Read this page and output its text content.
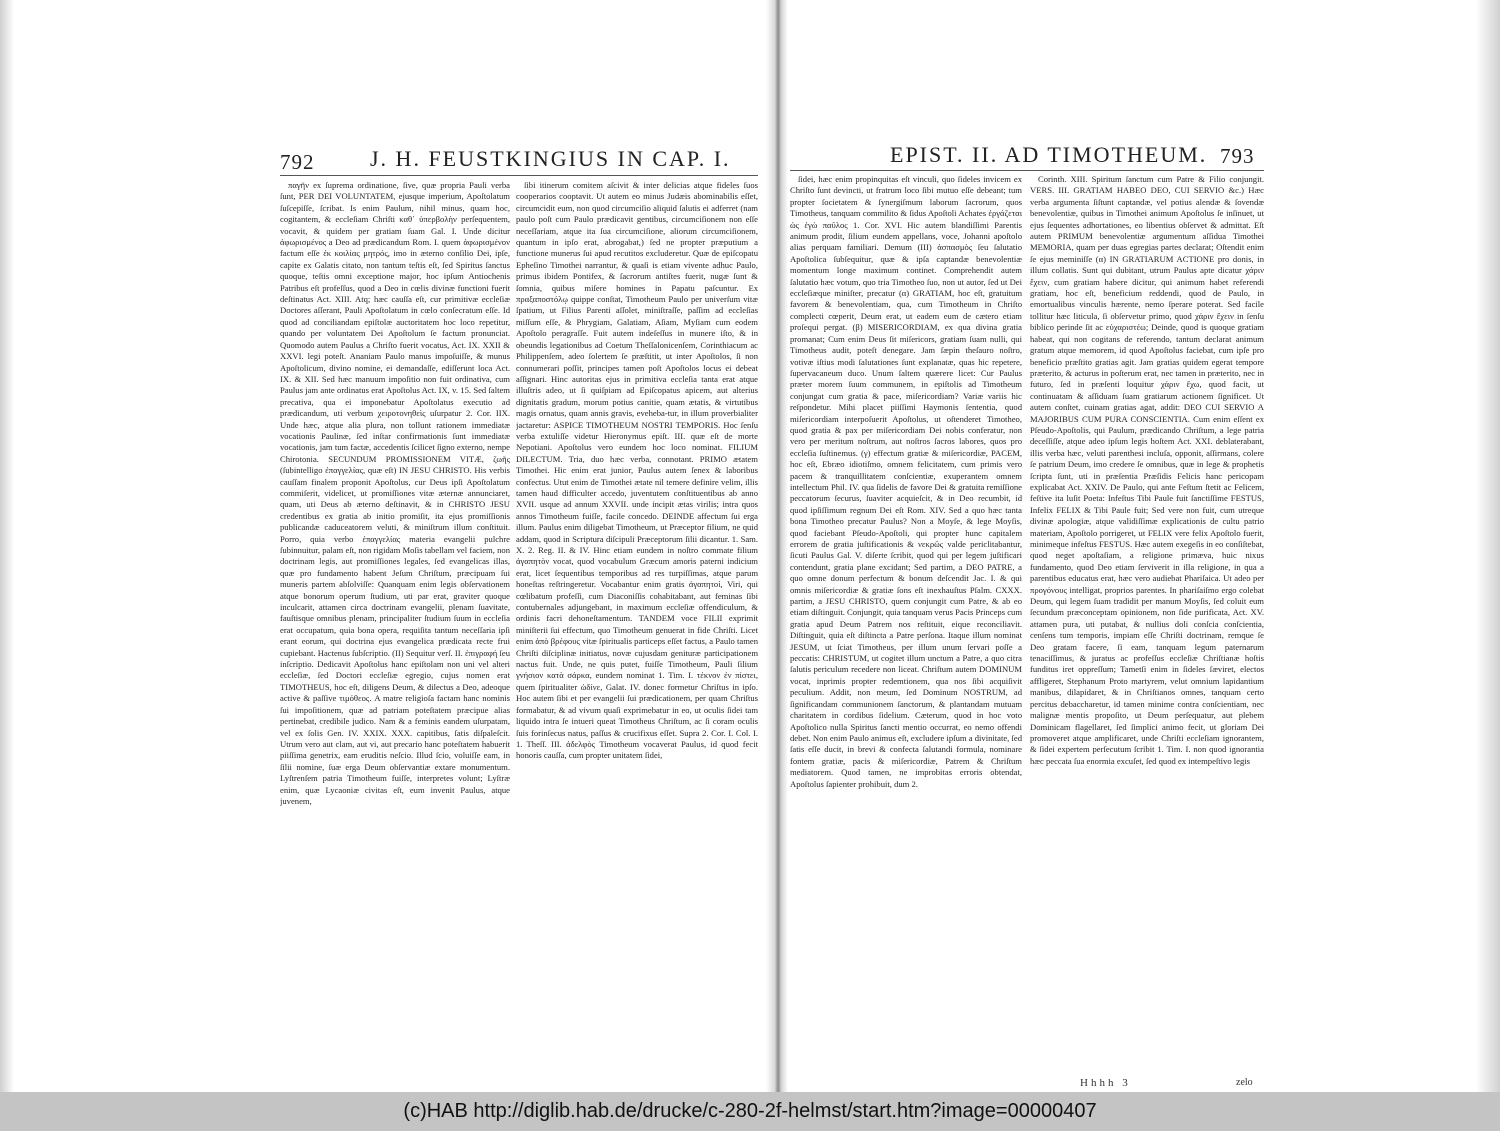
792	J. H. FEUSTKINGIUS IN CAP. I.

παγῆν ex ſuprema ordinatione, ſive, quæ propria Pauli verba ſunt, PER DEI VOLUNTATEM, ejusque imperium, Apoſtolatum ſuſcepiſſe, ſcribat. Is enim Paulum, nihil minus, quam hoc, cogitantem, & eccleſiam Chriſti καθ᾽ ὑπερβολὴν perſequentem, vocavit, & quidem per gratiam ſuam Gal. I. Unde dicitur ἀφωρισμένος a Deo ad prædicandum Rom. I. quem ἀφωρισμένον factum eſſe ἐκ κοιλίας μητρός, imo in æterno conſilio Dei, ipſe, capite ex Galatis citato, non tantum teſtis eſt, ſed Spiritus ſanctus quoque, teſtis omni exceptione major, hoc ipſum Antiochenis Patribus eſt profeſſus, quod a Deo in cœlis divinæ functioni fuerit deſtinatus Act. XIII. Atq; hæc cauſſa eſt, cur primitivæ eccleſiæ Doctores aſſerant, Pauli Apoſtolatum in cœlo conſecratum eſſe. Id quod ad conciliandam epiſtolæ auctoritatem hoc loco repetitur, quando per voluntatem Dei Apoſtolum ſe factum pronunciat. Quomodo autem Paulus a Chriſto fuerit vocatus, Act. IX. XXII & XXVI. legi poteſt. Ananiam Paulo manus impoſuiſſe, & munus Apoſtolicum, divino nomine, ei demandaſſe, ediſſerunt loca Act. IX. & XII. Sed hæc manuum impoſitio non fuit ordinativa, cum Paulus jam ante ordinatus erat Apoſtolus Act. IX, v. 15. Sed ſaltem precativa, qua ei imponebatur Apoſtolatus executio ad prædicandum, uti verbum χειροτονηθεὶς uſurpatur 2. Cor. IIX. Unde hæc, atque alia plura, non tollunt rationem immediatæ vocationis Paulinæ, ſed inſtar confirmationis ſunt immediatæ vocationis, jam tum factæ, accedentis ſcilicet ſigno externo, nempe Chirotonia. SECUNDUM PROMISSIONEM VITÆ, ζωῆς (ſubintelligo ἐπαγγελίας, quæ eſt) IN JESU CHRISTO. His verbis cauſſam finalem proponit Apoſtolus, cur Deus ipſi Apoſtolatum commiſerit, videlicet, ut promiſſiones vitæ æternæ annunciaret, quam, uti Deus ab æterno deſtinavit, & in CHRISTO JESU credentibus ex gratia ab initio promiſit, ita ejus promiſſionis publicandæ caduceatorem veluti, & miniſtrum illum conſtituit. Porro, quia verbo ἐπαγγελίας materia evangelii pulchre ſubinnuitur, palam eſt, non rigidam Moſis tabellam vel faciem, non doctrinam legis, aut promiſſiones legales, ſed evangelicas illas, quæ pro fundamento habent Jeſum Chriſtum, præcipuam ſui muneris partem abſolviſſe: Quanquam enim legis obſervationem atque bonorum operum ſtudium, uti par erat, graviter quoque inculcarit, attamen circa doctrinam evangelii, plenam ſuavitate, fauſtisque omnibus plenam, principaliter ſtudium ſuum in eccleſia erat occupatum, quia bona opera, requiſita tantum neceſſaria ipſi erant eorum, qui doctrina ejus evangelica prædicata recte frui cupiebant. Hactenus ſubſcriptio. (II) Sequitur verſ. II. ἐπιγραφή ſeu inſcriptio. Dedicavit Apoſtolus hanc epiſtolam non uni vel alteri eccleſiæ, ſed Doctori eccleſiæ egregio, cujus nomen erat TIMOTHEUS, hoc eſt, diligens Deum, & dilectus a Deo, adeoque active & paſſive τιμόθεος. A matre religioſa factam hanc nominis ſui impoſitionem, quæ ad patriam poteſtatem præcipue alias pertinebat, credibile judico. Nam & a feminis eandem uſurpatam, vel ex ſolis Gen. IV. XXIX. XXX. capitibus, ſatis diſpaleſcit. Utrum vero aut clam, aut vi, aut precario hanc poteſtatem habuerit piiſſima genetrix, eam eruditis neſcio. Illud ſcio, voluiſſe eam, in ſilii nomine, ſuæ erga Deum obſervantiæ extare monumentum. Lyſtrenſem patria Timotheum fuiſſe, interpretes volunt; Lyſtræ enim, quæ Lycaoniæ civitas eſt, eum invenit Paulus, atque juvenem,

ſibi itinerum comitem aſcivit & inter delicias atque fideles ſuos cooperarios cooptavit. Ut autem eo minus Judæis abominabilis eſſet, circumcidit eum, non quod circumciſio aliquid ſalutis ei adferret (nam paulo poſt cum Paulo prædicavit gentibus, circumciſionem non eſſe neceſſariam, atque ita ſua circumciſione, aliorum circumciſionem, quantum in ipſo erat, abrogabat,) ſed ne propter præputium a functione munerus ſui apud recutitos excluderetur. Quæ de epiſcopatu Epheſino Timothei narrantur, & quaſi is etiam vivente adhuc Paulo, primus ibidem Pontifex, & ſacrorum antiſtes fuerit, nugæ ſunt & ſomnia, quibus miſere homines in Papatu paſcuntur. Ex πραξαποστόλῳ quippe conſtat, Timotheum Paulo per univerſum vitæ ſpatium, ut Filius Parenti aſſolet, miniſtraſſe, paſſim ad eccleſias miſſum eſſe, & Phrygiam, Galatiam, Aſiam, Myſiam cum eodem Apoſtolo peragraſſe. Fuit autem indeſeſſus in munere iſto, & in obeundis legationibus ad Coetum Theſſalonicenſem, Corinthiacum ac Philippenſem, adeo ſolertem ſe præſtitit, ut inter Apoſtolos, ſi non connumerari poſſit, principes tamen poſt Apoſtolos locus ei debeat aſſignari. Hinc autoritas ejus in primitiva eccleſia tanta erat atque illuſtris adeo, ut ſi quiſpiam ad Epiſcopatus apicem, aut alterius dignitatis gradum, morum potius canitie, quam ætatis, & virtutibus magis ornatus, quam annis gravis, eveheba-tur, in illum proverbialiter jactaretur: ASPICE TIMOTHEUM NOSTRI TEMPORIS. Hoc ſenſu verba extuliſſe videtur Hieronymus epiſt. III. quæ eſt de morte Nepotiani. Apoſtolus vero eundem hoc loco nominat. FILIUM DILECTUM. Tria, duo hæc verba, connotant. PRIMO ætatem Timothei. Hic enim erat junior, Paulus autem ſenex & laboribus confectus. Utut enim de Timothei ætate nil temere definire velim, illis tamen haud difficulter accedo, juventutem conſtituentibus ab anno XVII. usque ad annum XXVII. unde incipit ætas virilis; intra quos annos Timotheum fuiſſe, facile concedo. DEINDE affectum ſui erga illum. Paulus enim diligebat Timotheum, ut Præceptor filium, ne quid addam, quod in Scriptura diſcipuli Præceptorum ſilii dicantur. 1. Sam. X. 2. Reg. II. & IV. Hinc etiam eundem in noſtro commate filium ἀγαπητὸν vocat, quod vocabulum Græcum amoris paterni indicium erat, licet ſequentibus temporibus ad res turpiſſimas, atque parum honeſtas reſtringeretur. Vocabantur enim gratis ἀγαπητοί, Viri, qui cœlibatum profeſſi, cum Diaconiſſis cohabitabant, aut feminas ſibi contubernales adjungebant, in maximum eccleſiæ offendiculum, & ordinis facri dehoneſtamentum. TANDEM voce FILII exprimit miniſterii ſui effectum, quo Timotheum genuerat in fide Chriſti. Licet enim ἀπὸ βρέφους vitæ ſpiritualis particeps eſſet factus, a Paulo tamen Chriſti diſciplinæ initiatus, novæ cujusdam genituræ participationem nactus fuit. Unde, ne quis putet, fuiſſe Timotheum, Pauli ſilium γνήσιον κατὰ σάρκα, eundem nominat 1. Tim. I. τέκνον ἐν πίστει, quem ſpiritualiter ὠδίνε, Galat. IV. donec formetur Chriſtus in ipſo. Hoc autem ſibi et per evangelii ſui prædicationem, per quam Chriſtus formabatur, & ad vivum quaſi exprimebatur in eo, ut oculis ſidei tam liquido intra ſe intueri queat Timotheus Chriſtum, ac ſi coram oculis ſuis forinſecus natus, paſſus & crucifixus eſſet. Supra 2. Cor. I. Col. I. 1. Theſſ. III. ἀδελφὸς Timotheum vocaverat Paulus, id quod fecit honoris cauſſa, cum propter unitatem ſidei,

EPIST. II. AD TIMOTHEUM. 793

ſidei, hæc enim propinquitas eſt vinculi, quo ſideles invicem ex Chriſto ſunt devincti, ut fratrum loco ſibi mutuo eſſe debeant; tum propter ſocietatem & ſynergiſmum laborum ſacrorum, quos Timotheus, tanquam commilito & ſidus Apoſtoli Achates ἐργάζεται ὡς ἐγὼ παῦλος 1. Cor. XVI. Hic autem blandiſſimi Parentis animum prodit, ſilium eundem appellans, voce, Johanni apoſtolo alias perquam familiari. Demum (III) ἀσπασμὸς ſeu ſalutatio Apoſtolica ſubſequitur, quæ & ipſa captandæ benevolentiæ momentum longe maximum continet. Comprehendit autem ſalutatio hæc votum, quo tria Timotheo ſuo, non ut autor, ſed ut Dei eccleſiæque miniſter, precatur (α) GRATIAM, hoc eſt, gratuitum favorem & benevolentiam, qua, cum Timotheum in Chriſto complecti cœperit, Deum erat, ut eadem eum de cætero etiam proſequi pergat. (β) MISERICORDIAM, ex qua divina gratia promanat; Cum enim Deus ſit miſericors, gratiam ſuam nulli, qui Timotheus audit, poteſt denegare. Jam ſæpin theſauro noſtro, votivæ iſtius modi ſalutationes ſunt explanatæ, quas hic repetere, ſupervacaneum duco. Unum ſaltem quærere licet: Cur Paulus præter morem ſuum communem, in epiſtolis ad Timotheum conjungat cum gratia & pace, miſericordiam? Variæ variis hic reſpondetur. Mihi placet piiſſimi Haymonis ſententia, quod miſericordiam interpoſuerit Apoſtolus, ut oſtenderet Timotheo, quod gratia & pax per miſericordiam Dei nobis conferatur, non vero per meritum noſtrum, aut noſtros ſacros labores, quos pro eccleſia ſuſtinemus. (γ) effectum gratiæ & miſericordiæ, PACEM, hoc eſt, Ebræo idiotiſmo, omnem felicitatem, cum primis vero pacem & tranquillitatem conſcientiæ, exuperantem omnem intellectum Phil. IV. qua ſidelis de favore Dei & gratuita remiſſione peccatorum ſecurus, ſuaviter acquieſcit, & in Deo recumbit, id quod ipſiſſimum regnum Dei eſt Rom. XIV. Sed a quo hæc tanta bona Timotheo precatur Paulus? Non a Moyſe, & lege Moyſis, quod faciebant Pſeudo-Apoſtoli, qui propter hunc capitalem errorem de gratia juſtificationis & νεκρῶς valde periclitabantur, ſicuti Paulus Gal. V. diſerte ſcribit, quod qui per legem juſtificari contendunt, gratia plane excidant; Sed partim, a DEO PATRE, a quo omne donum perfectum & bonum deſcendit Jac. I. & qui omnis miſericordiæ & gratiæ ſons eſt inexhauſtus Pſalm. CXXX. partim, a JESU CHRISTO, quem conjungit cum Patre, & ab eo etiam diſtinguit. Conjungit, quia tanquam verus Pacis Princeps cum gratia apud Deum Patrem nos reſtituit, eique reconciliavit. Diſtinguit, quia eſt diſtincta a Patre perſona. Itaque illum nominat JESUM, ut ſciat Timotheus, per illum unum ſervari poſſe a peccatis: CHRISTUM, ut cogitet illum unctum a Patre, a quo citra ſalutis periculum recedere non liceat. Chriſtum autem DOMINUM vocat, inprimis propter redemtionem, qua nos ſibi acquiſivit peculium. Addit, non meum, ſed Dominum NOSTRUM, ad ſignificandam communionem ſanctorum, & plantandam mutuam charitatem in cordibus ſidelium. Cæterum, quod in hoc voto Apoſtolico nulla Spiritus ſancti mentio occurrat, eo nemo offendi debet. Non enim Paulo animus eſt, excludere ipſum a divinitate, ſed ſatis eſſe ducit, in brevi & confecta ſalutandi formula, nominare fontem gratiæ, pacis & miſericordiæ, Patrem & Chriſtum mediatorem. Quod tamen, ne improbitas erroris obtendat, Apoſtolus ſapienter prohibuit, dum 2.

Corinth. XIII. Spiritum ſanctum cum Patre & Filio conjungit. VERS. III. GRATIAM HABEO DEO, CUI SERVIO &c.) Hæc verba argumenta ſiſtunt captandæ, vel potius alendæ & ſovendæ benevolentiæ, quibus in Timothei animum Apoſtolus ſe inſinuet, ut ejus ſequentes adhortationes, eo libentius obſervet & admittat. Eſt autem PRIMUM benevolentiæ argumentum aſſidua Timothei MEMORIA, quam per duas egregias partes declarat; Oſtendit enim ſe ejus meminiſſe (α) IN GRATIARUM ACTIONE pro donis, in illum collatis. Sunt qui dubitant, utrum Paulus apte dicatur χάριν ἔχειν, cum gratiam habere dicitur, qui animum habet referendi gratiam, hoc eſt, beneficium reddendi, quod de Paulo, in emortualibus vinculis hærente, nemo ſperare poterat. Sed facile tollitur hæc liticula, ſi obſervetur primo, quod χάριν ἔχειν in ſenſu biblico perinde ſit ac εὐχαριστέω; Deinde, quod is quoque gratiam habeat, qui non cogitans de referendo, tantum declarat animum gratum atque memorem, id quod Apoſtolus faciebat, cum ipſe pro beneficio præſtito gratias agit. Jam gratias quidem egerat tempore præterito, & acturus in poſterum erat, nec tamen in præterito, nec in futuro, ſed in præſenti loquitur χάριν ἔχω, quod facit, ut continuatam & aſſiduam ſuam gratiarum actionem ſignificet. Ut autem conſtet, cuinam gratias agat, addit: DEO CUI SERVIO A MAJORIBUS CUM PURA CONSCIENTIA. Cum enim eſſent ex Pſeudo-Apoſtolis, qui Paulum, prædicando Chriſtum, a lege patria deceſſiſſe, atque adeo ipſum legis hoſtem Act. XXI. deblaterabant, illis verba hæc, veluti parenthesi incluſa, opponit, aſſirmans, colere ſe patrium Deum, imo credere ſe omnibus, quæ in lege & prophetis ſcripta ſunt, uti in præſentia Præſidis Felicis hanc pericopam explicabat Act. XXIV. De Paulo, qui ante Feſtum ſtetit ac Felicem, feſtive ita luſit Poeta: Infeſtus Tibi Paule fuit ſanctiſſime FESTUS, Infelix FELIX & Tibi Paule fuit; Sed vere non fuit, cum utreque divinæ apologiæ, atque validiſſimæ explicationis de cultu patrio materiam, Apoſtolo porrigeret, ut FELIX vere felix Apoſtolo fuerit, minimeque infeſtus FESTUS. Hæc autem exegeſis in eo conſiſtebat, quod neget apoſtaſiam, a religione primæva, huic nixus fundamento, quod Deo etiam ſerviverit in illa religione, in qua a parentibus educatus erat, hæc vero audiebat Phariſaica. Ut adeo per προγόνους intelligat, proprios parentes. In phariſaiſmo ergo colebat Deum, qui legem ſuam tradidit per manum Moyſis, ſed coluit eum ſecundum præconceptam opinionem, non ſide purificata, Act. XV. attamen pura, uti putabat, & nullius doli conſcia conſcientia, cenſens tum temporis, impiam eſſe Chriſti doctrinam, remque ſe Deo gratam facere, ſi eam, tanquam legum paternarum tenaciſſimus, & juratus ac profeſſus eccleſiæ Chriſtianæ hoſtis funditus iret oppreſſum; Tametſi enim in ſideles ſæviret, electos affligeret, Stephanum Proto martyrem, velut omnium lapidantium manibus, dilapidaret, & in Chriſtianos omnes, tanquam certo percitus debaccharetur, id tamen minime contra conſcientiam, nec malignæ mentis propoſito, ut Deum perſequatur, aut plebem Dominicam flagellaret, ſed ſimplici animo fecit, ut gloriam Dei promoveret atque amplificaret, unde Chriſti eccleſiam ignorantem, & ſidei expertem perſecutum ſcribit 1. Tim. I. non quod ignorantia hæc peccata ſua enormia excuſet, ſed quod ex intempeſtivo legis

Hhhh 3	zelo
(c)HAB http://diglib.hab.de/drucke/c-280-2f-helmst/start.htm?image=00000407
